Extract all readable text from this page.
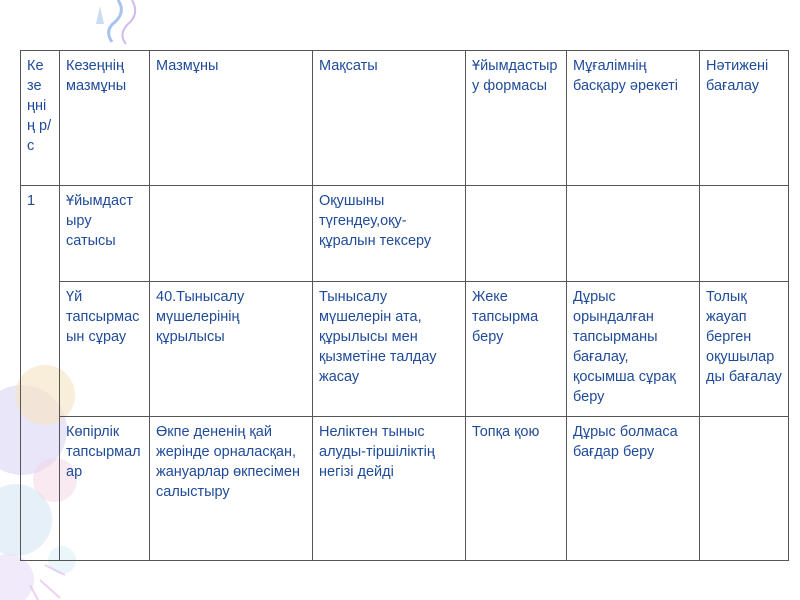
Ке зе ңні ң р/ с	Кезеңнің мазмұны	Мазмұны	Мақсаты	Ұйымдастыру формасы	Мұғалімнің басқару әрекеті	Нәтижені бағалау
1	Ұйымдастыру сатысы		Оқушыны түгендеу,оқу-құралын тексеру			
	Үй тапсырмасын сұрау	40.Тынысалу мүшелерінің құрылысы	Тынысалу мүшелерін ата, құрылысы мен қызметіне талдау жасау	Жеке тапсырма беру	Дұрыс орындалған тапсырманы бағалау, қосымша сұрақ беру	Толық жауап берген оқушыларды бағалау
	Көпірлік тапсырмалар	Өкпе дененің қай жерінде орналасқан, жануарлар өкпесімен салыстыру	Неліктен тыныс алуды-тіршіліктің негізі дейді	Топқа қою	Дұрыс болмаса бағдар беру	
